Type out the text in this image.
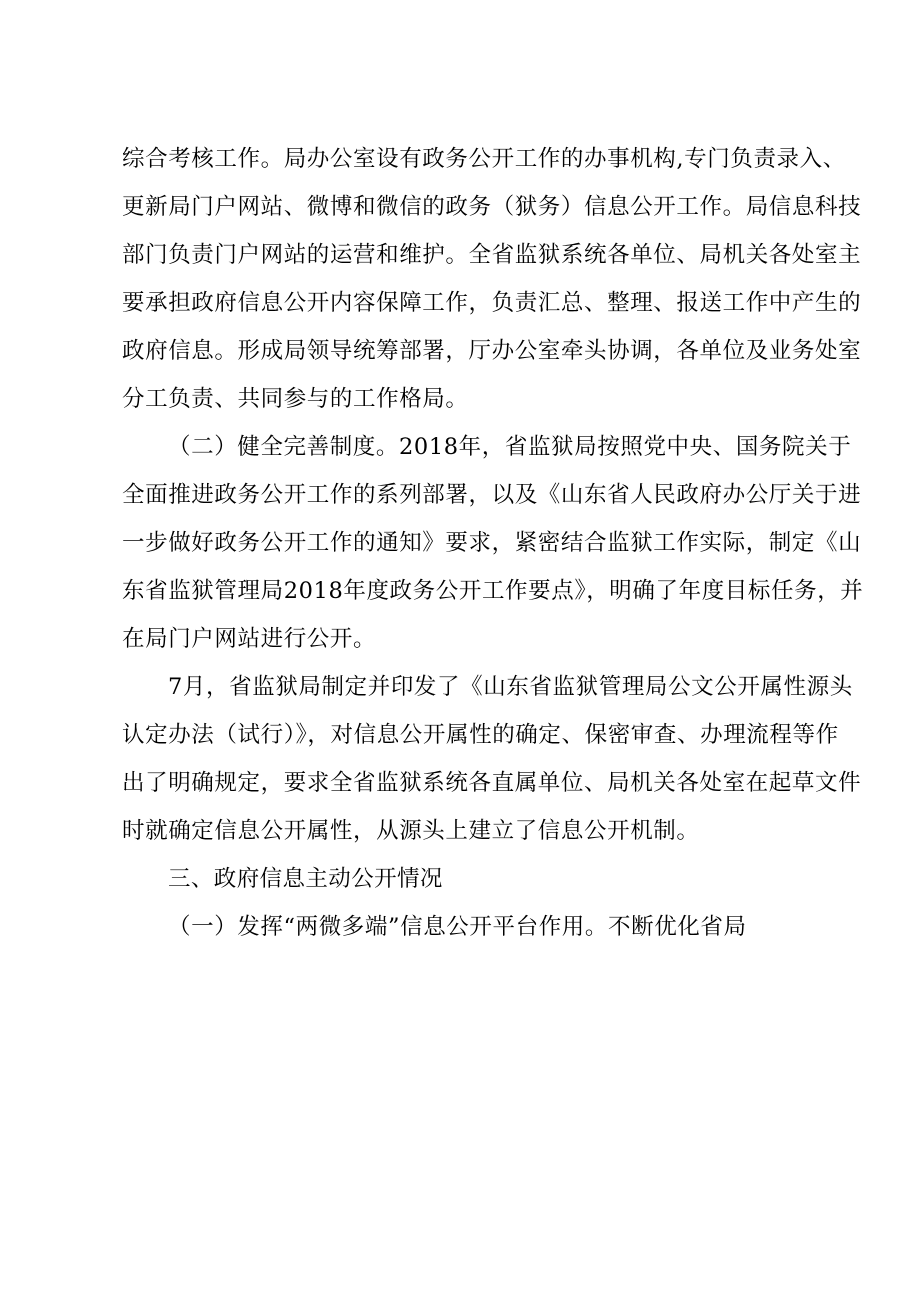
综合考核工作。局办公室设有政务公开工作的办事机构,专门负责录入、
更新局门户网站、微博和微信的政务（狱务）信息公开工作。局信息科技
部门负责门户网站的运营和维护。全省监狱系统各单位、局机关各处室主
要承担政府信息公开内容保障工作，负责汇总、整理、报送工作中产生的
政府信息。形成局领导统筹部署，厅办公室牵头协调，各单位及业务处室
分工负责、共同参与的工作格局。
（二）健全完善制度。2018年，省监狱局按照党中央、国务院关于
全面推进政务公开工作的系列部署，以及《山东省人民政府办公厅关于进
一步做好政务公开工作的通知》要求，紧密结合监狱工作实际，制定《山
东省监狱管理局2018年度政务公开工作要点》，明确了年度目标任务，并
在局门户网站进行公开。
7月，省监狱局制定并印发了《山东省监狱管理局公文公开属性源头
认定办法（试行）》，对信息公开属性的确定、保密审查、办理流程等作
出了明确规定，要求全省监狱系统各直属单位、局机关各处室在起草文件
时就确定信息公开属性，从源头上建立了信息公开机制。
三、政府信息主动公开情况
（一）发挥“两微多端”信息公开平台作用。不断优化省局
